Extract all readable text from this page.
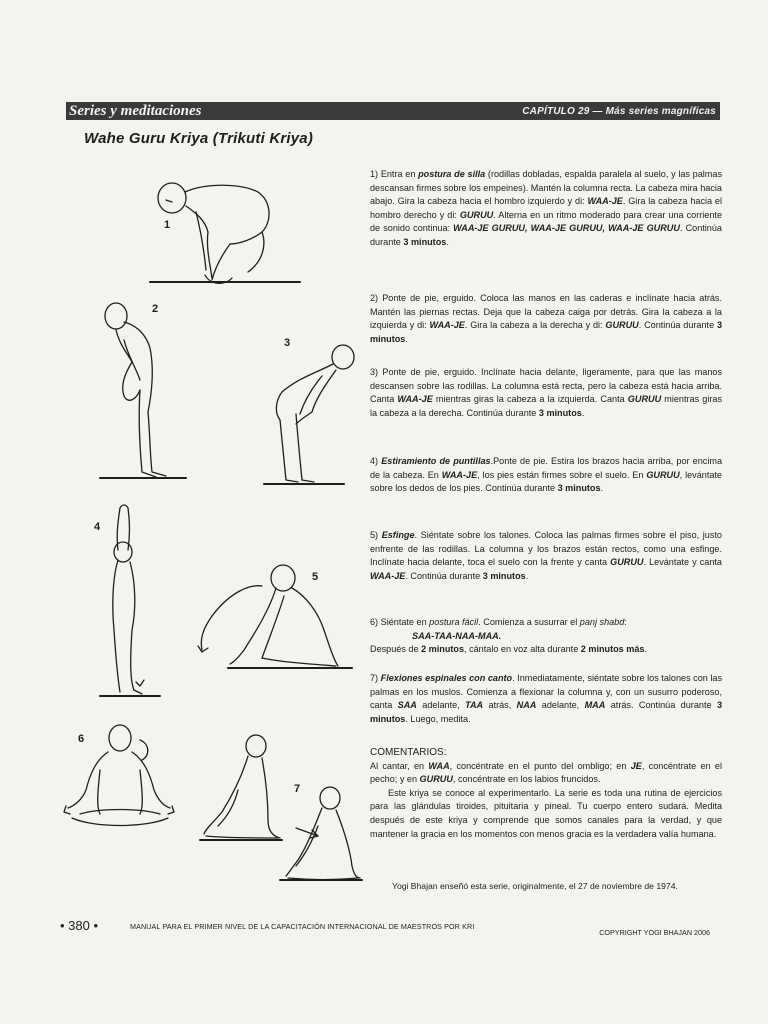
Series y meditaciones	CAPÍTULO 29 — Más series magníficas
Wahe Guru Kriya (Trikuti Kriya)
1
2
3
4
5
6
7

1) Entra en postura de silla (rodillas dobladas, espalda paralela al suelo, y las palmas descansan firmes sobre los empeines). Mantén la columna recta. La cabeza mira hacia abajo. Gira la cabeza hacia el hombro izquierdo y di: WAA-JE. Gira la cabeza hacia el hombro derecho y di: GURUU. Alterna en un ritmo moderado para crear una corriente de sonido continua: WAA-JE GURUU, WAA-JE GURUU, WAA-JE GURUU. Continúa durante 3 minutos.

2) Ponte de pie, erguido. Coloca las manos en las caderas e inclínate hacia atrás. Mantén las piernas rectas. Deja que la cabeza caiga por detrás. Gira la cabeza a la izquierda y di: WAA-JE. Gira la cabeza a la derecha y di: GURUU. Continúa durante 3 minutos.

3) Ponte de pie, erguido. Inclínate hacia delante, ligeramente, para que las manos descansen sobre las rodillas. La columna está recta, pero la cabeza está hacia arriba. Canta WAA-JE mientras giras la cabeza a la izquierda. Canta GURUU mientras giras la cabeza a la derecha. Continúa durante 3 minutos.

4) Estiramiento de puntillas.Ponte de pie. Estira los brazos hacia arriba, por encima de la cabeza. En WAA-JE, los pies están firmes sobre el suelo. En GURUU, levántate sobre los dedos de los pies. Continúa durante 3 minutos.

5) Esfinge. Siéntate sobre los talones. Coloca las palmas firmes sobre el piso, justo enfrente de las rodillas. La columna y los brazos están rectos, como una esfinge. Inclínate hacia delante, toca el suelo con la frente y canta GURUU. Levántate y canta WAA-JE. Continúa durante 3 minutos.

6) Siéntate en postura fácil. Comienza a susurrar el panj shabd:

SAA-TAA-NAA-MAA.

Después de 2 minutos, cántalo en voz alta durante 2 minutos más.

7) Flexiones espinales con canto. Inmediatamente, siéntate sobre los talones con las palmas en los muslos. Comienza a flexionar la columna y, con un susurro poderoso, canta SAA adelante, TAA atrás, NAA adelante, MAA atrás. Continúa durante 3 minutos. Luego, medita.

COMENTARIOS:

Al cantar, en WAA, concéntrate en el punto del ombligo; en JE, concéntrate en el pecho; y en GURUU, concéntrate en los labios fruncidos.

Este kriya se conoce al experimentarlo. La serie es toda una rutina de ejercicios para las glándulas tiroides, pituitaria y pineal. Tu cuerpo entero sudará. Medita después de este kriya y comprende que somos canales para la verdad, y que mantener la gracia en los momentos con menos gracia es la verdadera valía humana.

Yogi Bhajan enseñó esta serie, originalmente, el 27 de noviembre de 1974.

• 380 •	MANUAL PARA EL PRIMER NIVEL DE LA CAPACITACIÓN INTERNACIONAL DE MAESTROS POR KRI
COPYRIGHT YOGI BHAJAN 2006
